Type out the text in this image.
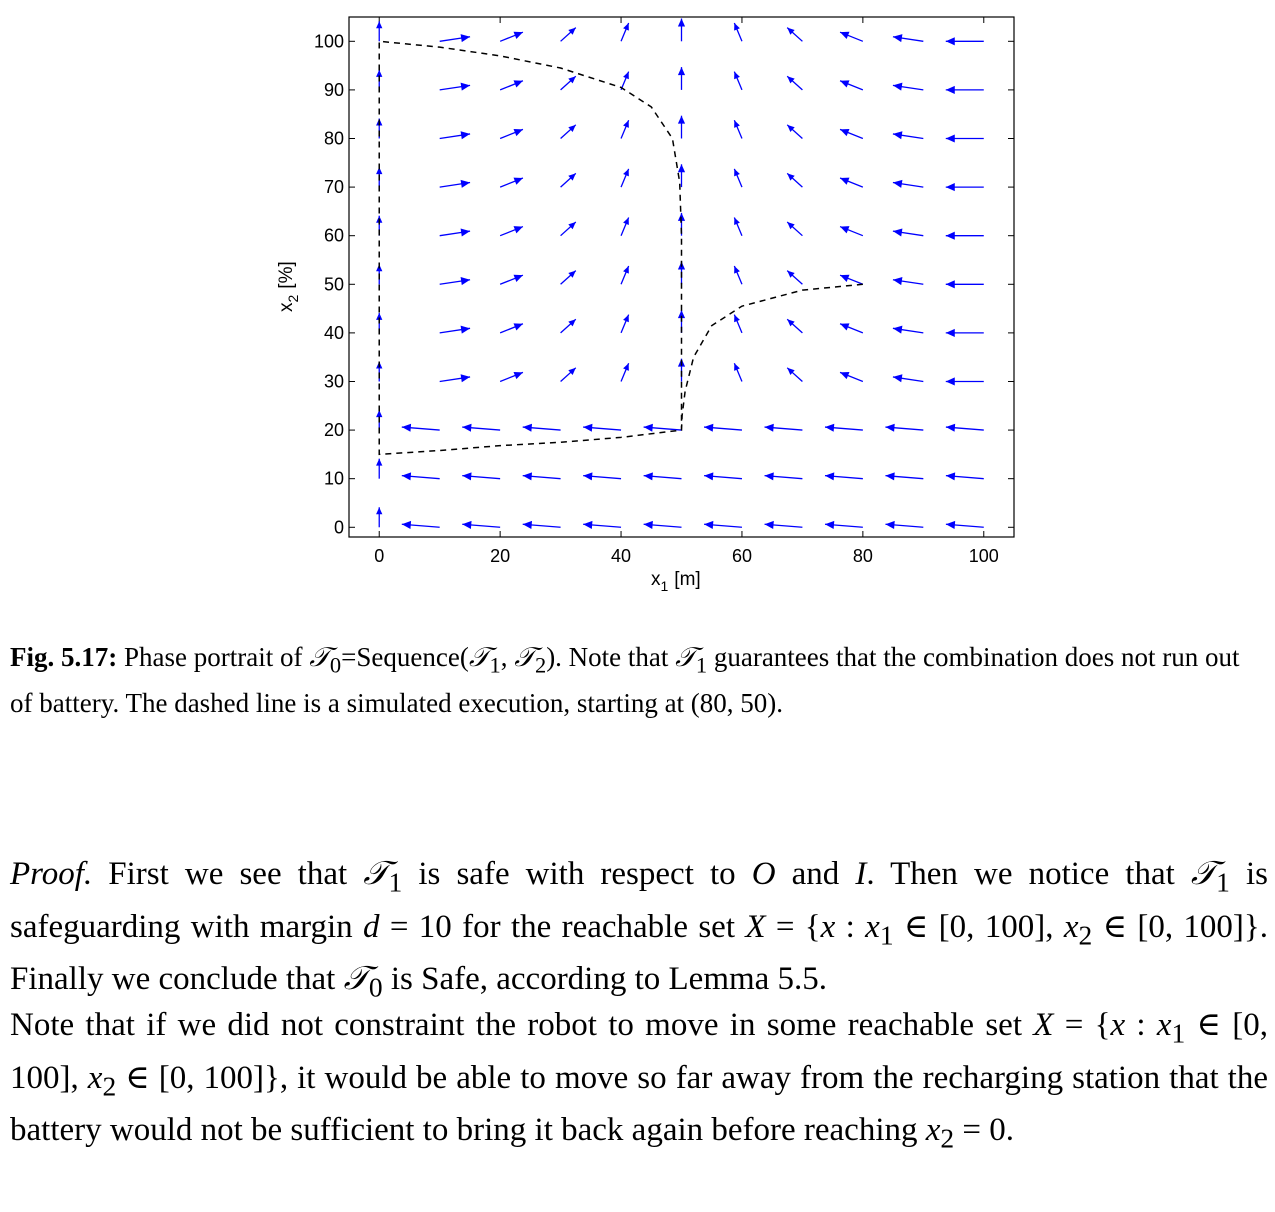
0	20	40	60	80	100
0
10
20
30
40
50
60
70
80
90
100
$x_1$ [m]
$x_2[\%]$
Fig. 5.17: Phase portrait of 𝒯$_0$=Sequence(𝒯$_1$, 𝒯$_2$). Note that 𝒯$_1$ guarantees that the combination does not run out of battery. The dashed line is a simulated execution, starting at (80, 50).
Proof. First we see that 𝒯$_1$ is safe with respect to O and I. Then we notice that 𝒯$_1$ is safeguarding with margin d = 10 for the reachable set X = {x : $x_1$ ∈ [0, 100], $x_2$ ∈ [0, 100]}. Finally we conclude that 𝒯$_0$ is Safe, according to Lemma 5.5.
Note that if we did not constraint the robot to move in some reachable set X = {x : $x_1$ ∈ [0, 100], $x_2$ ∈ [0, 100]}, it would be able to move so far away from the recharging station that the battery would not be sufficient to bring it back again before reaching $x_2 = 0$.
